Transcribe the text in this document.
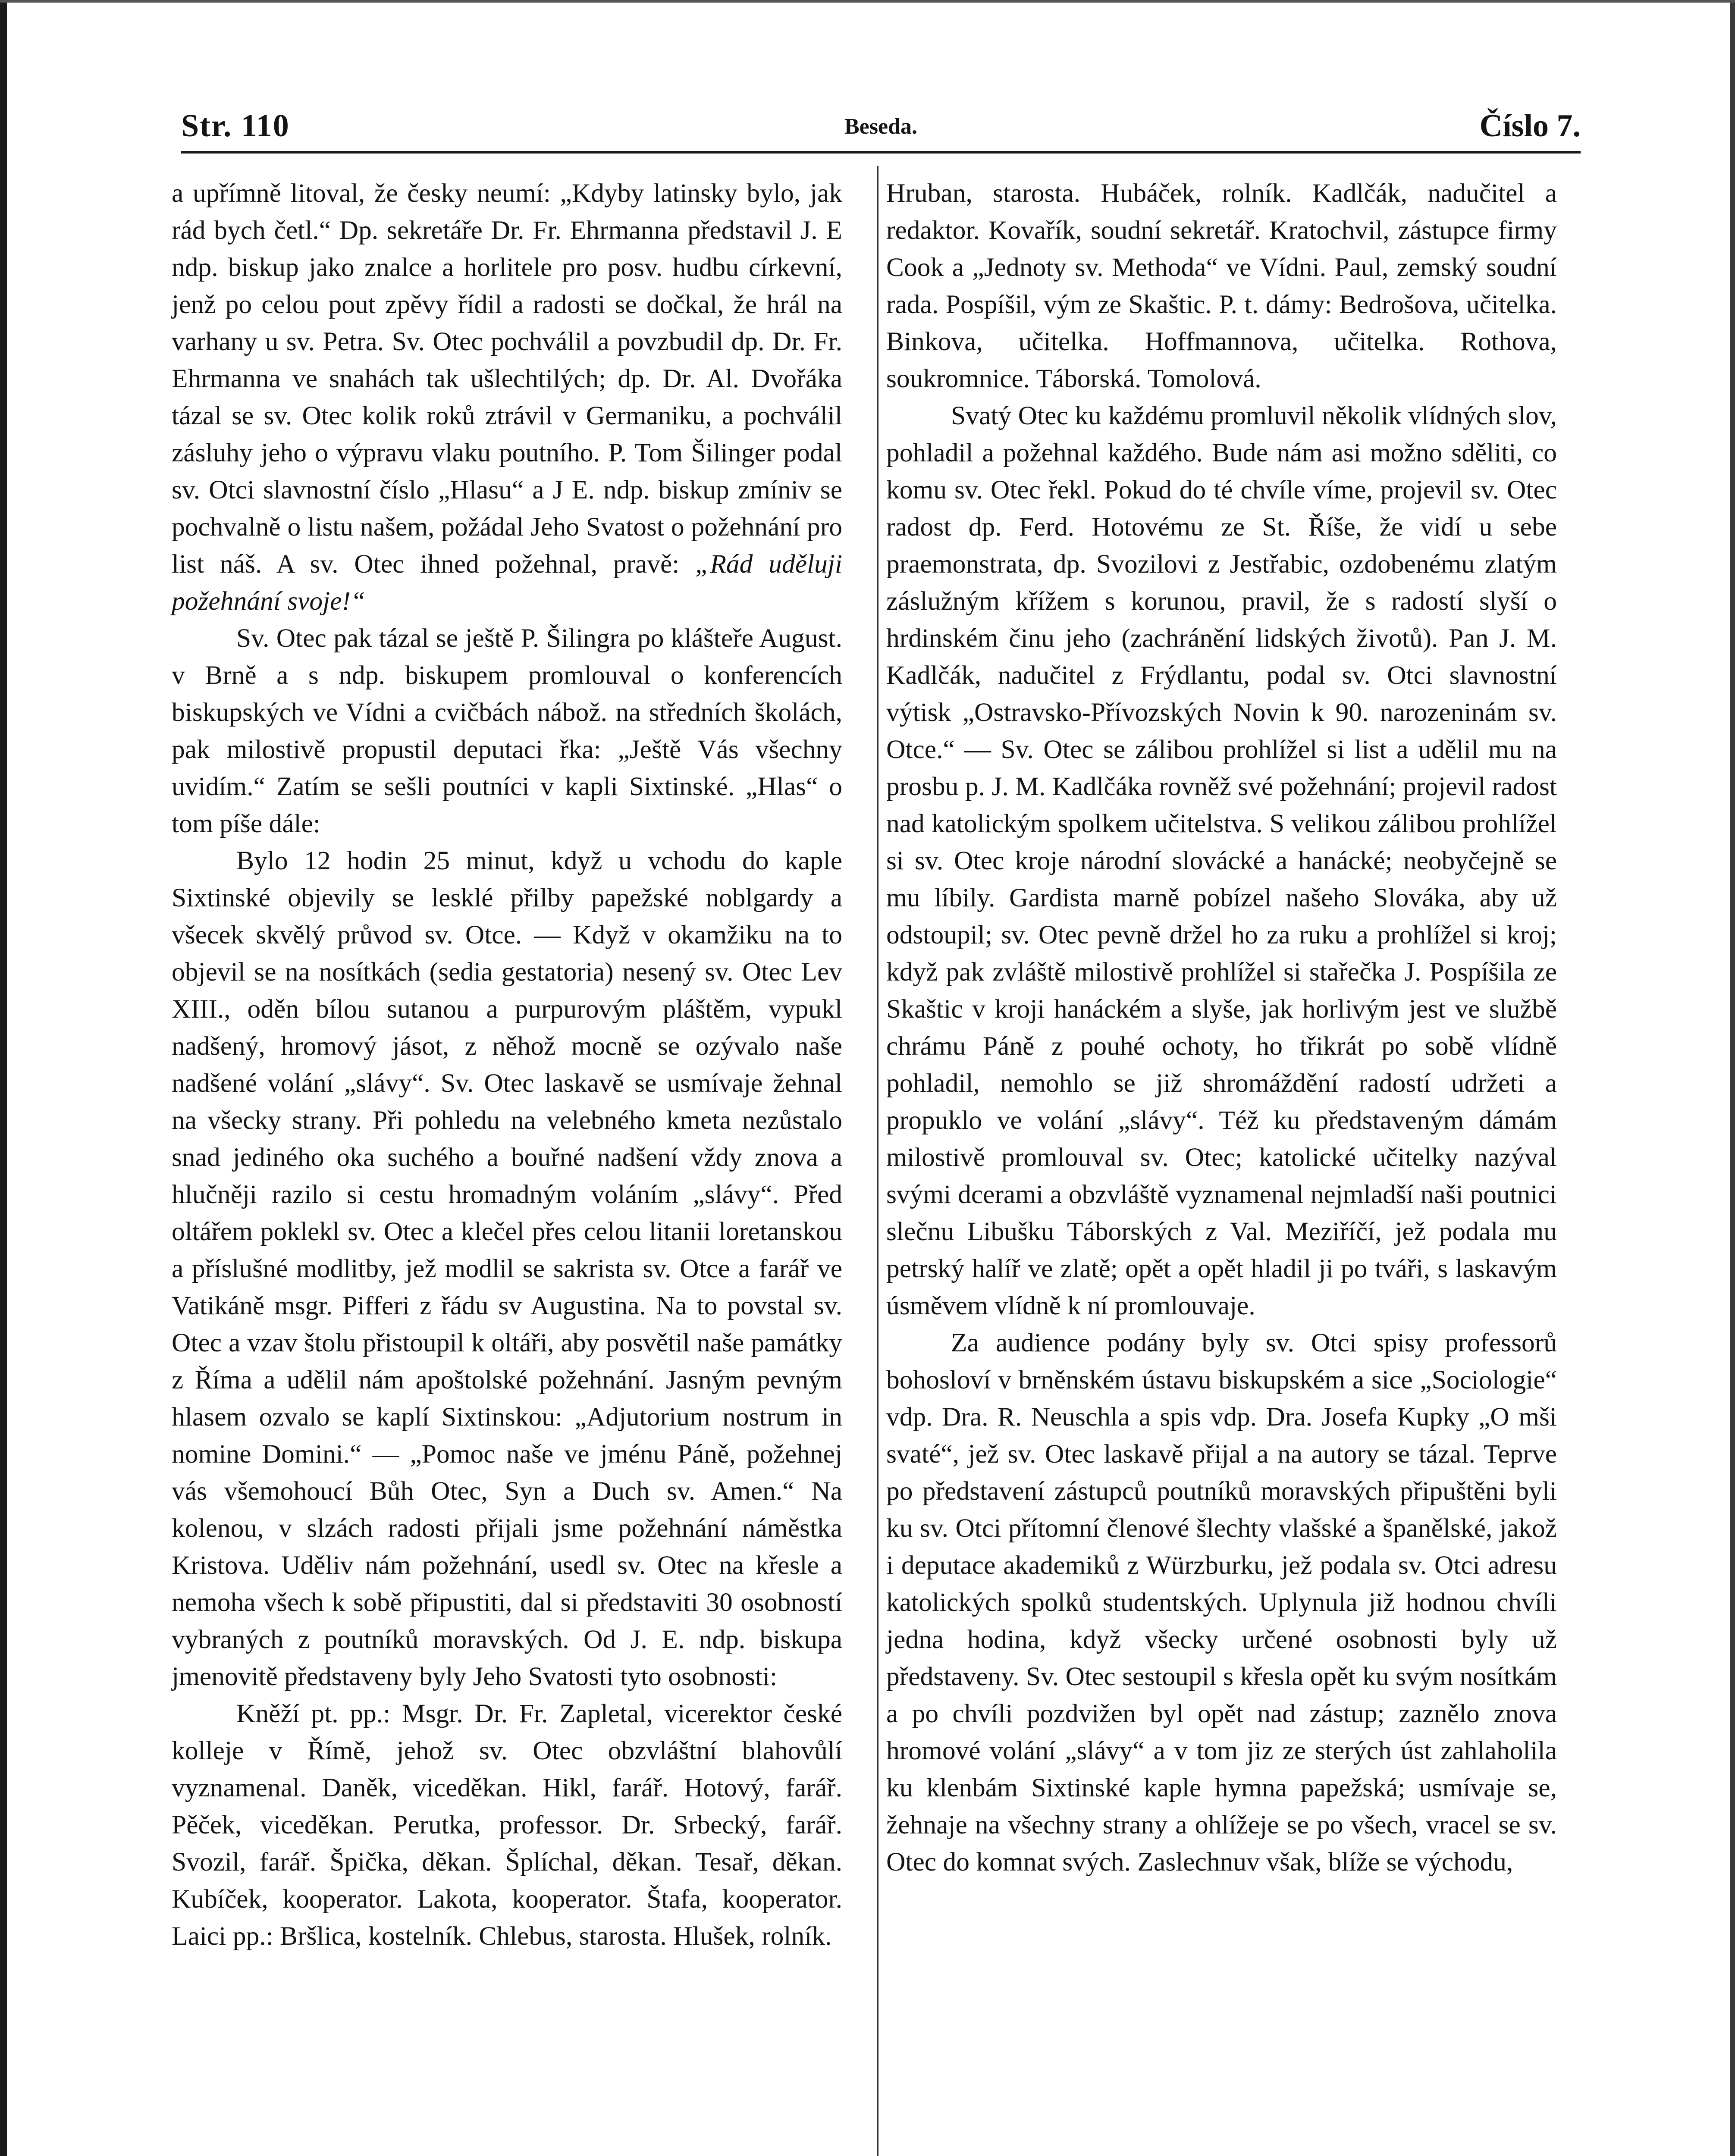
Str. 110	Beseda.	Číslo 7.

a upřímně litoval, že česky neumí: „Kdyby latinsky bylo, jak rád bych četl.“ Dp. sekretáře Dr. Fr. Ehrmanna představil J. E ndp. biskup jako znalce a horlitele pro posv. hudbu církevní, jenž po celou pout zpěvy řídil a radosti se dočkal, že hrál na varhany u sv. Petra. Sv. Otec pochválil a povzbudil dp. Dr. Fr. Ehrmanna ve snahách tak ušlechtilých; dp. Dr. Al. Dvořáka tázal se sv. Otec kolik roků ztrávil v Germaniku, a pochválil zásluhy jeho o výpravu vlaku poutního. P. Tom Šilinger podal sv. Otci slavnostní číslo „Hlasu“ a J E. ndp. biskup zmíniv se pochvalně o listu našem, požádal Jeho Svatost o požehnání pro list náš. A sv. Otec ihned požehnal, pravě: „Rád uděluji požehnání svoje!“

Sv. Otec pak tázal se ještě P. Šilingra po klášteře August. v Brně a s ndp. biskupem promlouval o konferencích biskupských ve Vídni a cvičbách nábož. na středních školách, pak milostivě propustil deputaci řka: „Ještě Vás všechny uvidím.“ Zatím se sešli poutníci v kapli Sixtinské. „Hlas“ o tom píše dále:

Bylo 12 hodin 25 minut, když u vchodu do kaple Sixtinské objevily se lesklé přilby papežské noblgardy a všecek skvělý průvod sv. Otce. — Když v okamžiku na to objevil se na nosítkách (sedia gestatoria) nesený sv. Otec Lev XIII., oděn bílou sutanou a purpurovým pláštěm, vypukl nadšený, hromový jásot, z něhož mocně se ozývalo naše nadšené volání „slávy“. Sv. Otec laskavě se usmívaje žehnal na všecky strany. Při pohledu na velebného kmeta nezůstalo snad jediného oka suchého a bouřné nadšení vždy znova a hlučněji razilo si cestu hromadným voláním „slávy“. Před oltářem poklekl sv. Otec a klečel přes celou litanii loretanskou a příslušné modlitby, jež modlil se sakrista sv. Otce a farář ve Vatikáně msgr. Pifferi z řádu sv Augustina. Na to povstal sv. Otec a vzav štolu přistoupil k oltáři, aby posvětil naše památky z Říma a udělil nám apoštolské požehnání. Jasným pevným hlasem ozvalo se kaplí Sixtinskou: „Adjutorium nostrum in nomine Domini.“ — „Pomoc naše ve jménu Páně, požehnej vás všemohoucí Bůh Otec, Syn a Duch sv. Amen.“ Na kolenou, v slzách radosti přijali jsme požehnání náměstka Kristova. Uděliv nám požehnání, usedl sv. Otec na křesle a nemoha všech k sobě připustiti, dal si představiti 30 osobností vybraných z poutníků moravských. Od J. E. ndp. biskupa jmenovitě představeny byly Jeho Svatosti tyto osobnosti:

Kněží pt. pp.: Msgr. Dr. Fr. Zapletal, vicerektor české kolleje v Římě, jehož sv. Otec obzvláštní blahovůlí vyznamenal. Daněk, viceděkan. Hikl, farář. Hotový, farář. Pěček, viceděkan. Perutka, professor. Dr. Srbecký, farář. Svozil, farář. Špička, děkan. Šplíchal, děkan. Tesař, děkan. Kubíček, kooperator. Lakota, kooperator. Štafa, kooperator. Laici pp.: Bršlica, kostelník. Chlebus, starosta. Hlušek, rolník.

Hruban, starosta. Hubáček, rolník. Kadlčák, nadučitel a redaktor. Kovařík, soudní sekretář. Kratochvil, zástupce firmy Cook a „Jednoty sv. Methoda“ ve Vídni. Paul, zemský soudní rada. Pospíšil, vým ze Skaštic. P. t. dámy: Bedrošova, učitelka. Binkova, učitelka. Hoffmannova, učitelka. Rothova, soukromnice. Táborská. Tomolová.

Svatý Otec ku každému promluvil několik vlídných slov, pohladil a požehnal každého. Bude nám asi možno sděliti, co komu sv. Otec řekl. Pokud do té chvíle víme, projevil sv. Otec radost dp. Ferd. Hotovému ze St. Říše, že vidí u sebe praemonstrata, dp. Svozilovi z Jestřabic, ozdobenému zlatým záslužným křížem s korunou, pravil, že s radostí slyší o hrdinském činu jeho (zachránění lidských životů). Pan J. M. Kadlčák, nadučitel z Frýdlantu, podal sv. Otci slavnostní výtisk „Ostravsko-Přívozských Novin k 90. narozeninám sv. Otce.“ — Sv. Otec se zálibou prohlížel si list a udělil mu na prosbu p. J. M. Kadlčáka rovněž své požehnání; projevil radost nad katolickým spolkem učitelstva. S velikou zálibou prohlížel si sv. Otec kroje národní slovácké a hanácké; neobyčejně se mu líbily. Gardista marně pobízel našeho Slováka, aby už odstoupil; sv. Otec pevně držel ho za ruku a prohlížel si kroj; když pak zvláště milostivě prohlížel si stařečka J. Pospíšila ze Skaštic v kroji hanáckém a slyše, jak horlivým jest ve službě chrámu Páně z pouhé ochoty, ho třikrát po sobě vlídně pohladil, nemohlo se již shromáždění radostí udržeti a propuklo ve volání „slávy“. Též ku představeným dámám milostivě promlouval sv. Otec; katolické učitelky nazýval svými dcerami a obzvláště vyznamenal nejmladší naši poutnici slečnu Libušku Táborských z Val. Meziříčí, jež podala mu petrský halíř ve zlatě; opět a opět hladil ji po tváři, s laskavým úsměvem vlídně k ní promlouvaje.

Za audience podány byly sv. Otci spisy professorů bohosloví v brněnském ústavu biskupském a sice „Sociologie“ vdp. Dra. R. Neuschla a spis vdp. Dra. Josefa Kupky „O mši svaté“, jež sv. Otec laskavě přijal a na autory se tázal. Teprve po představení zástupců poutníků moravských připuštěni byli ku sv. Otci přítomní členové šlechty vlašské a španělské, jakož i deputace akademiků z Würzburku, jež podala sv. Otci adresu katolických spolků studentských. Uplynula již hodnou chvíli jedna hodina, když všecky určené osobnosti byly už představeny. Sv. Otec sestoupil s křesla opět ku svým nosítkám a po chvíli pozdvižen byl opět nad zástup; zaznělo znova hromové volání „slávy“ a v tom jiz ze sterých úst zahlaholila ku klenbám Sixtinské kaple hymna papežská; usmívaje se, žehnaje na všechny strany a ohlížeje se po všech, vracel se sv. Otec do komnat svých. Zaslechnuv však, blíže se východu,
